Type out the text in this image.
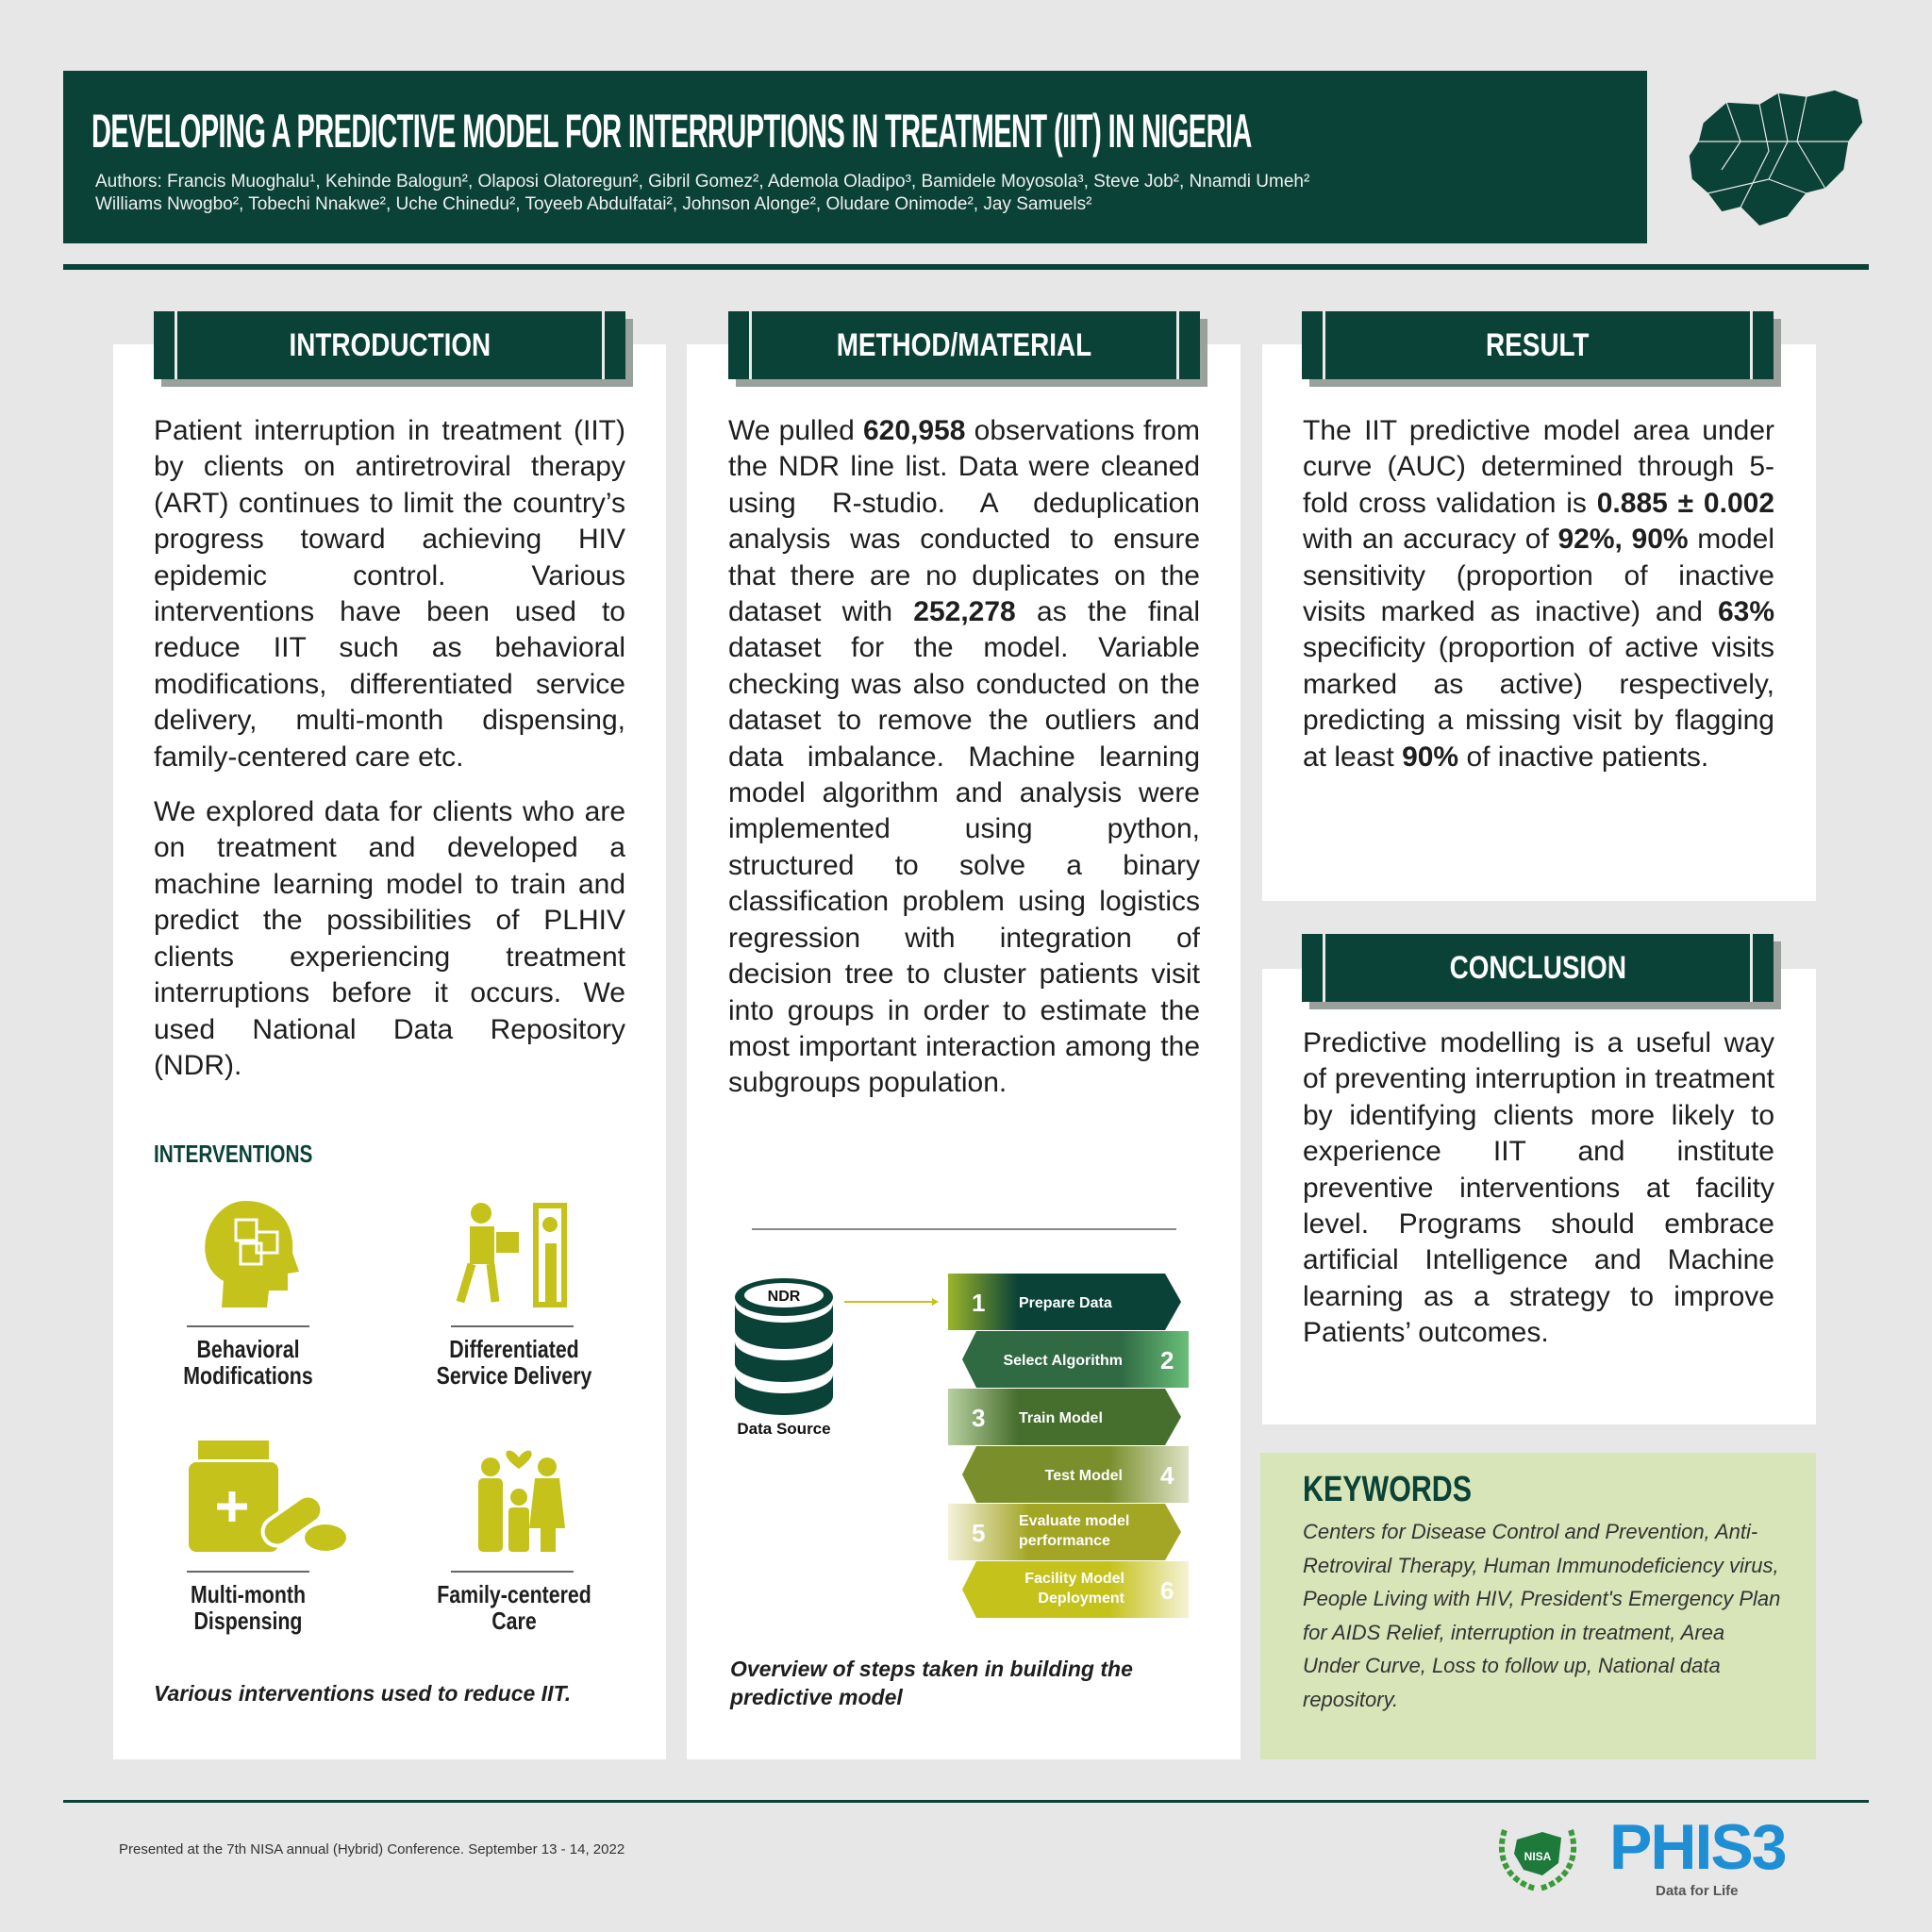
DEVELOPING A PREDICTIVE MODEL FOR INTERRUPTIONS IN TREATMENT (IIT) IN NIGERIA
Authors: Francis Muoghalu¹, Kehinde Balogun², Olaposi Olatoregun², Gibril Gomez², Ademola Oladipo³, Bamidele Moyosola³, Steve Job², Nnamdi Umeh²
Williams Nwogbo², Tobechi Nnakwe², Uche Chinedu², Toyeeb Abdulfatai², Johnson Alonge², Oludare Onimode², Jay Samuels²
INTRODUCTION

Patient interruption in treatment (IIT) by clients on antiretroviral therapy (ART) continues to limit the country’s progress toward achieving HIV epidemic control. Various interventions have been used to reduce IIT such as behavioral modifications, differentiated service delivery, multi-month dispensing, family-centered care etc.

We explored data for clients who are on treatment and developed a machine learning model to train and predict the possibilities of PLHIV clients experiencing treatment interruptions before it occurs. We used National Data Repository (NDR).

INTERVENTIONS
Behavioral
Modifications
Differentiated
Service Delivery
Multi-month
Dispensing
Family-centered
Care
Various interventions used to reduce IIT.
METHOD/MATERIAL

We pulled 620,958 observations from the NDR line list. Data were cleaned using R-studio. A deduplication analysis was conducted to ensure that there are no duplicates on the dataset with 252,278 as the final dataset for the model. Variable checking was also conducted on the dataset to remove the outliers and data imbalance. Machine learning model algorithm and analysis were implemented using python, structured to solve a binary classification problem using logistics regression with integration of decision tree to cluster patients visit into groups in order to estimate the most important interaction among the subgroups population.

NDR
Data Source
1
2
3
4
5
6
Prepare Data
Select Algorithm
Train Model
Test Model
Evaluate model
performance
Facility Model
Deployment
Overview of steps taken in building the predictive model
RESULT

The IIT predictive model area under curve (AUC) determined through 5-fold cross validation is 0.885 ± 0.002 with an accuracy of 92%, 90% model sensitivity (proportion of inactive visits marked as inactive) and 63% specificity (proportion of active visits marked as active) respectively, predicting a missing visit by flagging at least 90% of inactive patients.

CONCLUSION

Predictive modelling is a useful way of preventing interruption in treatment by identifying clients more likely to experience IIT and institute preventive interventions at facility level. Programs should embrace artificial Intelligence and Machine learning as a strategy to improve Patients’ outcomes.

KEYWORDS
Centers for Disease Control and Prevention, Anti-Retroviral Therapy, Human Immunodeficiency virus, People Living with HIV, President's Emergency Plan for AIDS Relief, interruption in treatment, Area Under Curve, Loss to follow up, National data repository.
Presented at the 7th NISA annual (Hybrid) Conference. September 13 - 14, 2022	NISA PHIS3
Data for Life
